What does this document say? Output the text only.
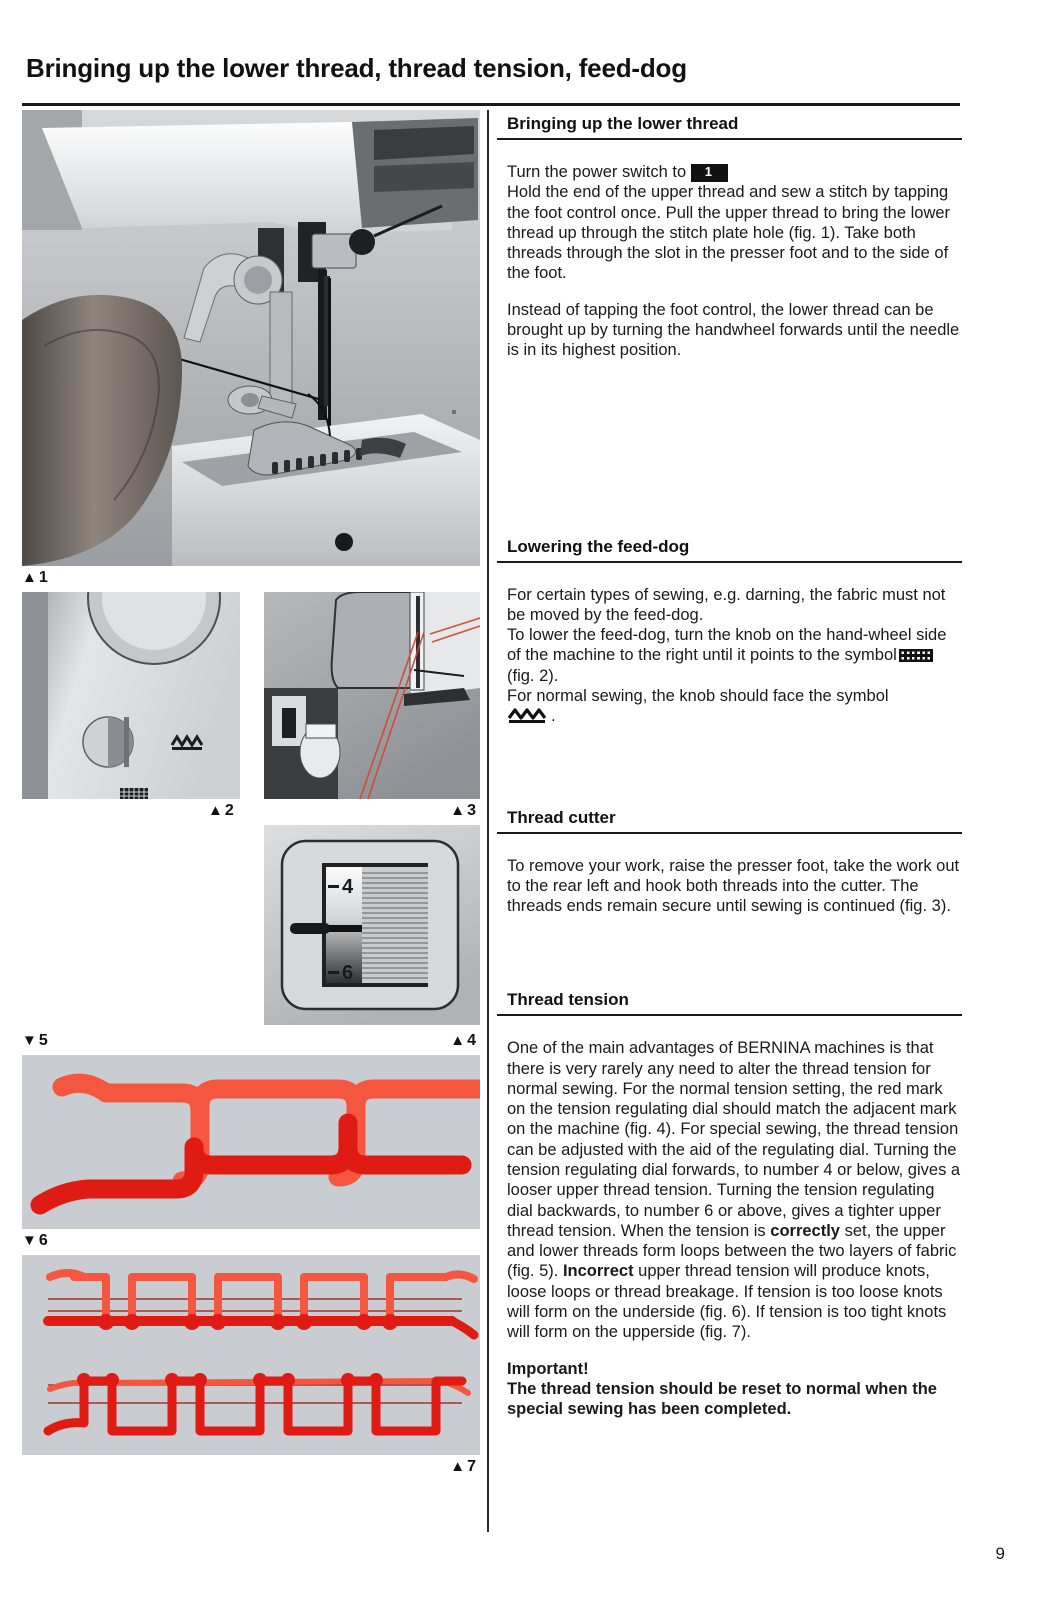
Bringing up the lower thread, thread tension, feed-dog
▲ 1
▲ 2	▲ 3
4
6
▼ 5	▲ 4
▼ 6
▲ 7
Bringing up the lower thread

Turn the power switch to 1
Hold the end of the upper thread and sew a stitch by tapping the foot control once. Pull the upper thread to bring the lower thread up through the stitch plate hole (fig. 1). Take both threads through the slot in the presser foot and to the side of the foot.

Instead of tapping the foot control, the lower thread can be brought up by turning the handwheel forwards until the needle is in its highest position.

Lowering the feed-dog

For certain types of sewing, e.g. darning, the fabric must not be moved by the feed-dog.
To lower the feed-dog, turn the knob on the hand-wheel side of the machine to the right until it points to the symbol(fig. 2).
For normal sewing, the knob should face the symbol
.

Thread cutter

To remove your work, raise the presser foot, take the work out to the rear left and hook both threads into the cutter. The threads ends remain secure until sewing is continued (fig. 3).

Thread tension

One of the main advantages of BERNINA machines is that there is very rarely any need to alter the thread tension for normal sewing. For the normal tension setting, the red mark on the tension regulating dial should match the adjacent mark on the machine (fig. 4). For special sewing, the thread tension can be adjusted with the aid of the regulating dial. Turning the tension regulating dial forwards, to number 4 or below, gives a looser upper thread tension. Turning the tension regulating dial backwards, to number 6 or above, gives a tighter upper thread tension. When the tension is correctly set, the upper and lower threads form loops between the two layers of fabric (fig. 5). Incorrect upper thread tension will produce knots, loose loops or thread breakage. If tension is too loose knots will form on the underside (fig. 6). If tension is too tight knots will form on the upperside (fig. 7).

Important!
The thread tension should be reset to normal when the special sewing has been completed.

9
